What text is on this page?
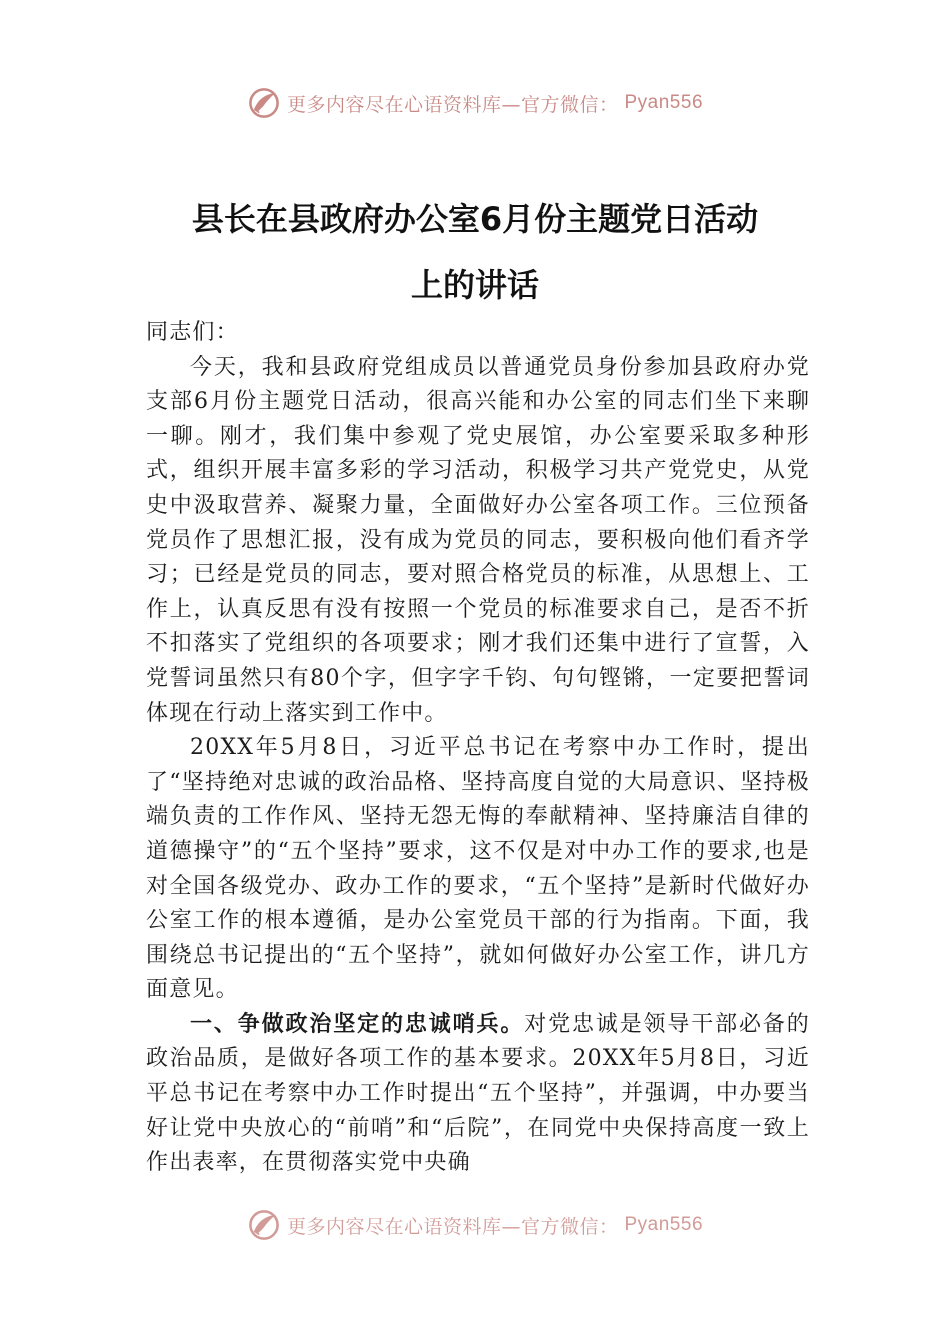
更多内容尽在心语资料库—官方微信： Pyan556
县长在县政府办公室6月份主题党日活动
上的讲话

同志们：

今天，我和县政府党组成员以普通党员身份参加县政府办党支部6月份主题党日活动，很高兴能和办公室的同志们坐下来聊一聊。刚才，我们集中参观了党史展馆，办公室要采取多种形式，组织开展丰富多彩的学习活动，积极学习共产党党史，从党史中汲取营养、凝聚力量，全面做好办公室各项工作。三位预备党员作了思想汇报，没有成为党员的同志，要积极向他们看齐学习；已经是党员的同志，要对照合格党员的标准，从思想上、工作上，认真反思有没有按照一个党员的标准要求自己，是否不折不扣落实了党组织的各项要求；刚才我们还集中进行了宣誓，入党誓词虽然只有80个字，但字字千钧、句句铿锵，一定要把誓词体现在行动上落实到工作中。

20XX年5月8日，习近平总书记在考察中办工作时，提出了“坚持绝对忠诚的政治品格、坚持高度自觉的大局意识、坚持极端负责的工作作风、坚持无怨无悔的奉献精神、坚持廉洁自律的道德操守”的“五个坚持”要求，这不仅是对中办工作的要求,也是对全国各级党办、政办工作的要求，“五个坚持”是新时代做好办公室工作的根本遵循，是办公室党员干部的行为指南。下面，我围绕总书记提出的“五个坚持”，就如何做好办公室工作，讲几方面意见。

一、争做政治坚定的忠诚哨兵。对党忠诚是领导干部必备的政治品质，是做好各项工作的基本要求。20XX年5月8日，习近平总书记在考察中办工作时提出“五个坚持”，并强调，中办要当好让党中央放心的“前哨”和“后院”，在同党中央保持高度一致上作出表率，在贯彻落实党中央确

更多内容尽在心语资料库—官方微信： Pyan556
